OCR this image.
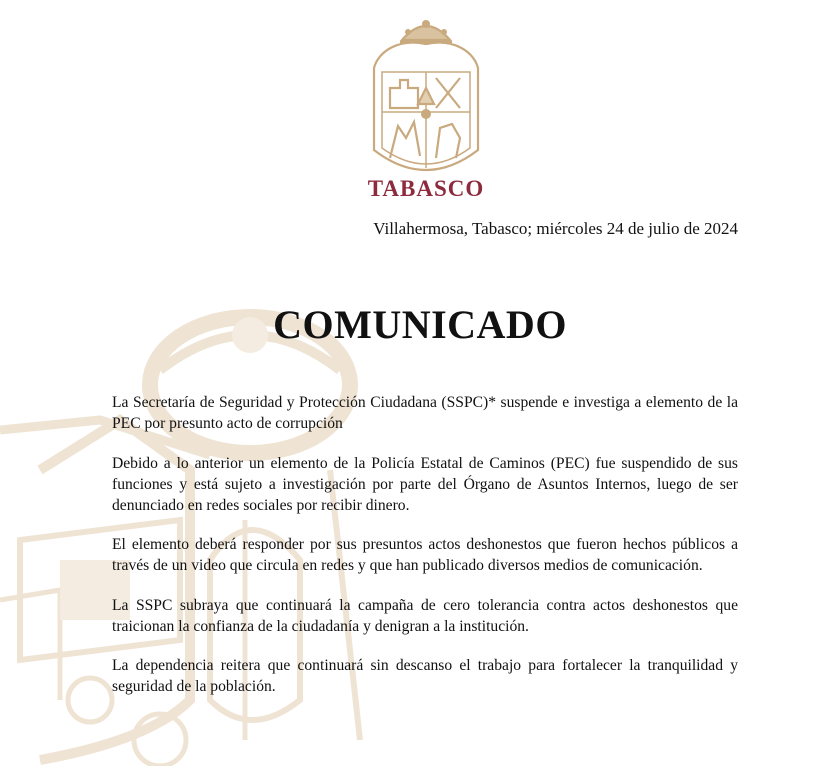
TABASCO
Villahermosa, Tabasco; miércoles 24 de julio de 2024
COMUNICADO

La Secretaría de Seguridad y Protección Ciudadana (SSPC)* suspende e investiga a elemento de la PEC por presunto acto de corrupción

Debido a lo anterior un elemento de la Policía Estatal de Caminos (PEC) fue suspendido de sus funciones y está sujeto a investigación por parte del Órgano de Asuntos Internos, luego de ser denunciado en redes sociales por recibir dinero.

El elemento deberá responder por sus presuntos actos deshonestos que fueron hechos públicos a través de un video que circula en redes y que han publicado diversos medios de comunicación.

La SSPC subraya que continuará la campaña de cero tolerancia contra actos deshonestos que traicionan la confianza de la ciudadanía y denigran a la institución.

La dependencia reitera que continuará sin descanso el trabajo para fortalecer la tranquilidad y seguridad de la población.
